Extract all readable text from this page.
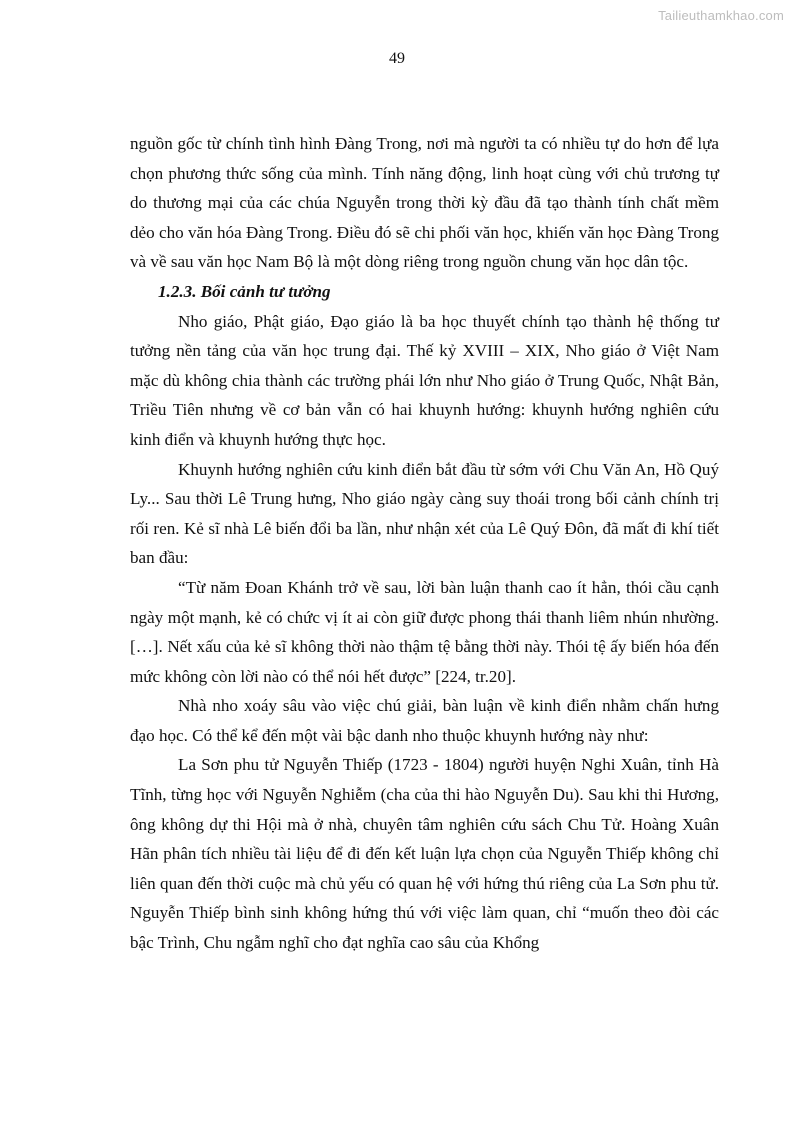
Tailieuthamkhao.com
49

nguồn gốc từ chính tình hình Đàng Trong, nơi mà người ta có nhiều tự do hơn để lựa chọn phương thức sống của mình. Tính năng động, linh hoạt cùng với chủ trương tự do thương mại của các chúa Nguyễn trong thời kỳ đầu đã tạo thành tính chất mềm dẻo cho văn hóa Đàng Trong. Điều đó sẽ chi phối văn học, khiến văn học Đàng Trong và về sau văn học Nam Bộ là một dòng riêng trong nguồn chung văn học dân tộc.

1.2.3. Bối cảnh tư tưởng

Nho giáo, Phật giáo, Đạo giáo là ba học thuyết chính tạo thành hệ thống tư tưởng nền tảng của văn học trung đại. Thế kỷ XVIII – XIX, Nho giáo ở Việt Nam mặc dù không chia thành các trường phái lớn như Nho giáo ở Trung Quốc, Nhật Bản, Triều Tiên nhưng về cơ bản vẫn có hai khuynh hướng: khuynh hướng nghiên cứu kinh điển và khuynh hướng thực học.

Khuynh hướng nghiên cứu kinh điển bắt đầu từ sớm với Chu Văn An, Hồ Quý Ly... Sau thời Lê Trung hưng, Nho giáo ngày càng suy thoái trong bối cảnh chính trị rối ren. Kẻ sĩ nhà Lê biến đổi ba lần, như nhận xét của Lê Quý Đôn, đã mất đi khí tiết ban đầu:

“Từ năm Đoan Khánh trở về sau, lời bàn luận thanh cao ít hẳn, thói cầu cạnh ngày một mạnh, kẻ có chức vị ít ai còn giữ được phong thái thanh liêm nhún nhường. […]. Nết xấu của kẻ sĩ không thời nào thậm tệ bằng thời này. Thói tệ ấy biến hóa đến mức không còn lời nào có thể nói hết được” [224, tr.20].

Nhà nho xoáy sâu vào việc chú giải, bàn luận về kinh điển nhằm chấn hưng đạo học. Có thể kể đến một vài bậc danh nho thuộc khuynh hướng này như:

La Sơn phu tử Nguyễn Thiếp (1723 - 1804) người huyện Nghi Xuân, tỉnh Hà Tĩnh, từng học với Nguyễn Nghiễm (cha của thi hào Nguyễn Du). Sau khi thi Hương, ông không dự thi Hội mà ở nhà, chuyên tâm nghiên cứu sách Chu Tử. Hoàng Xuân Hãn phân tích nhiều tài liệu để đi đến kết luận lựa chọn của Nguyễn Thiếp không chỉ liên quan đến thời cuộc mà chủ yếu có quan hệ với hứng thú riêng của La Sơn phu tử. Nguyễn Thiếp bình sinh không hứng thú với việc làm quan, chỉ “muốn theo đòi các bậc Trình, Chu ngẫm nghĩ cho đạt nghĩa cao sâu của Khổng
